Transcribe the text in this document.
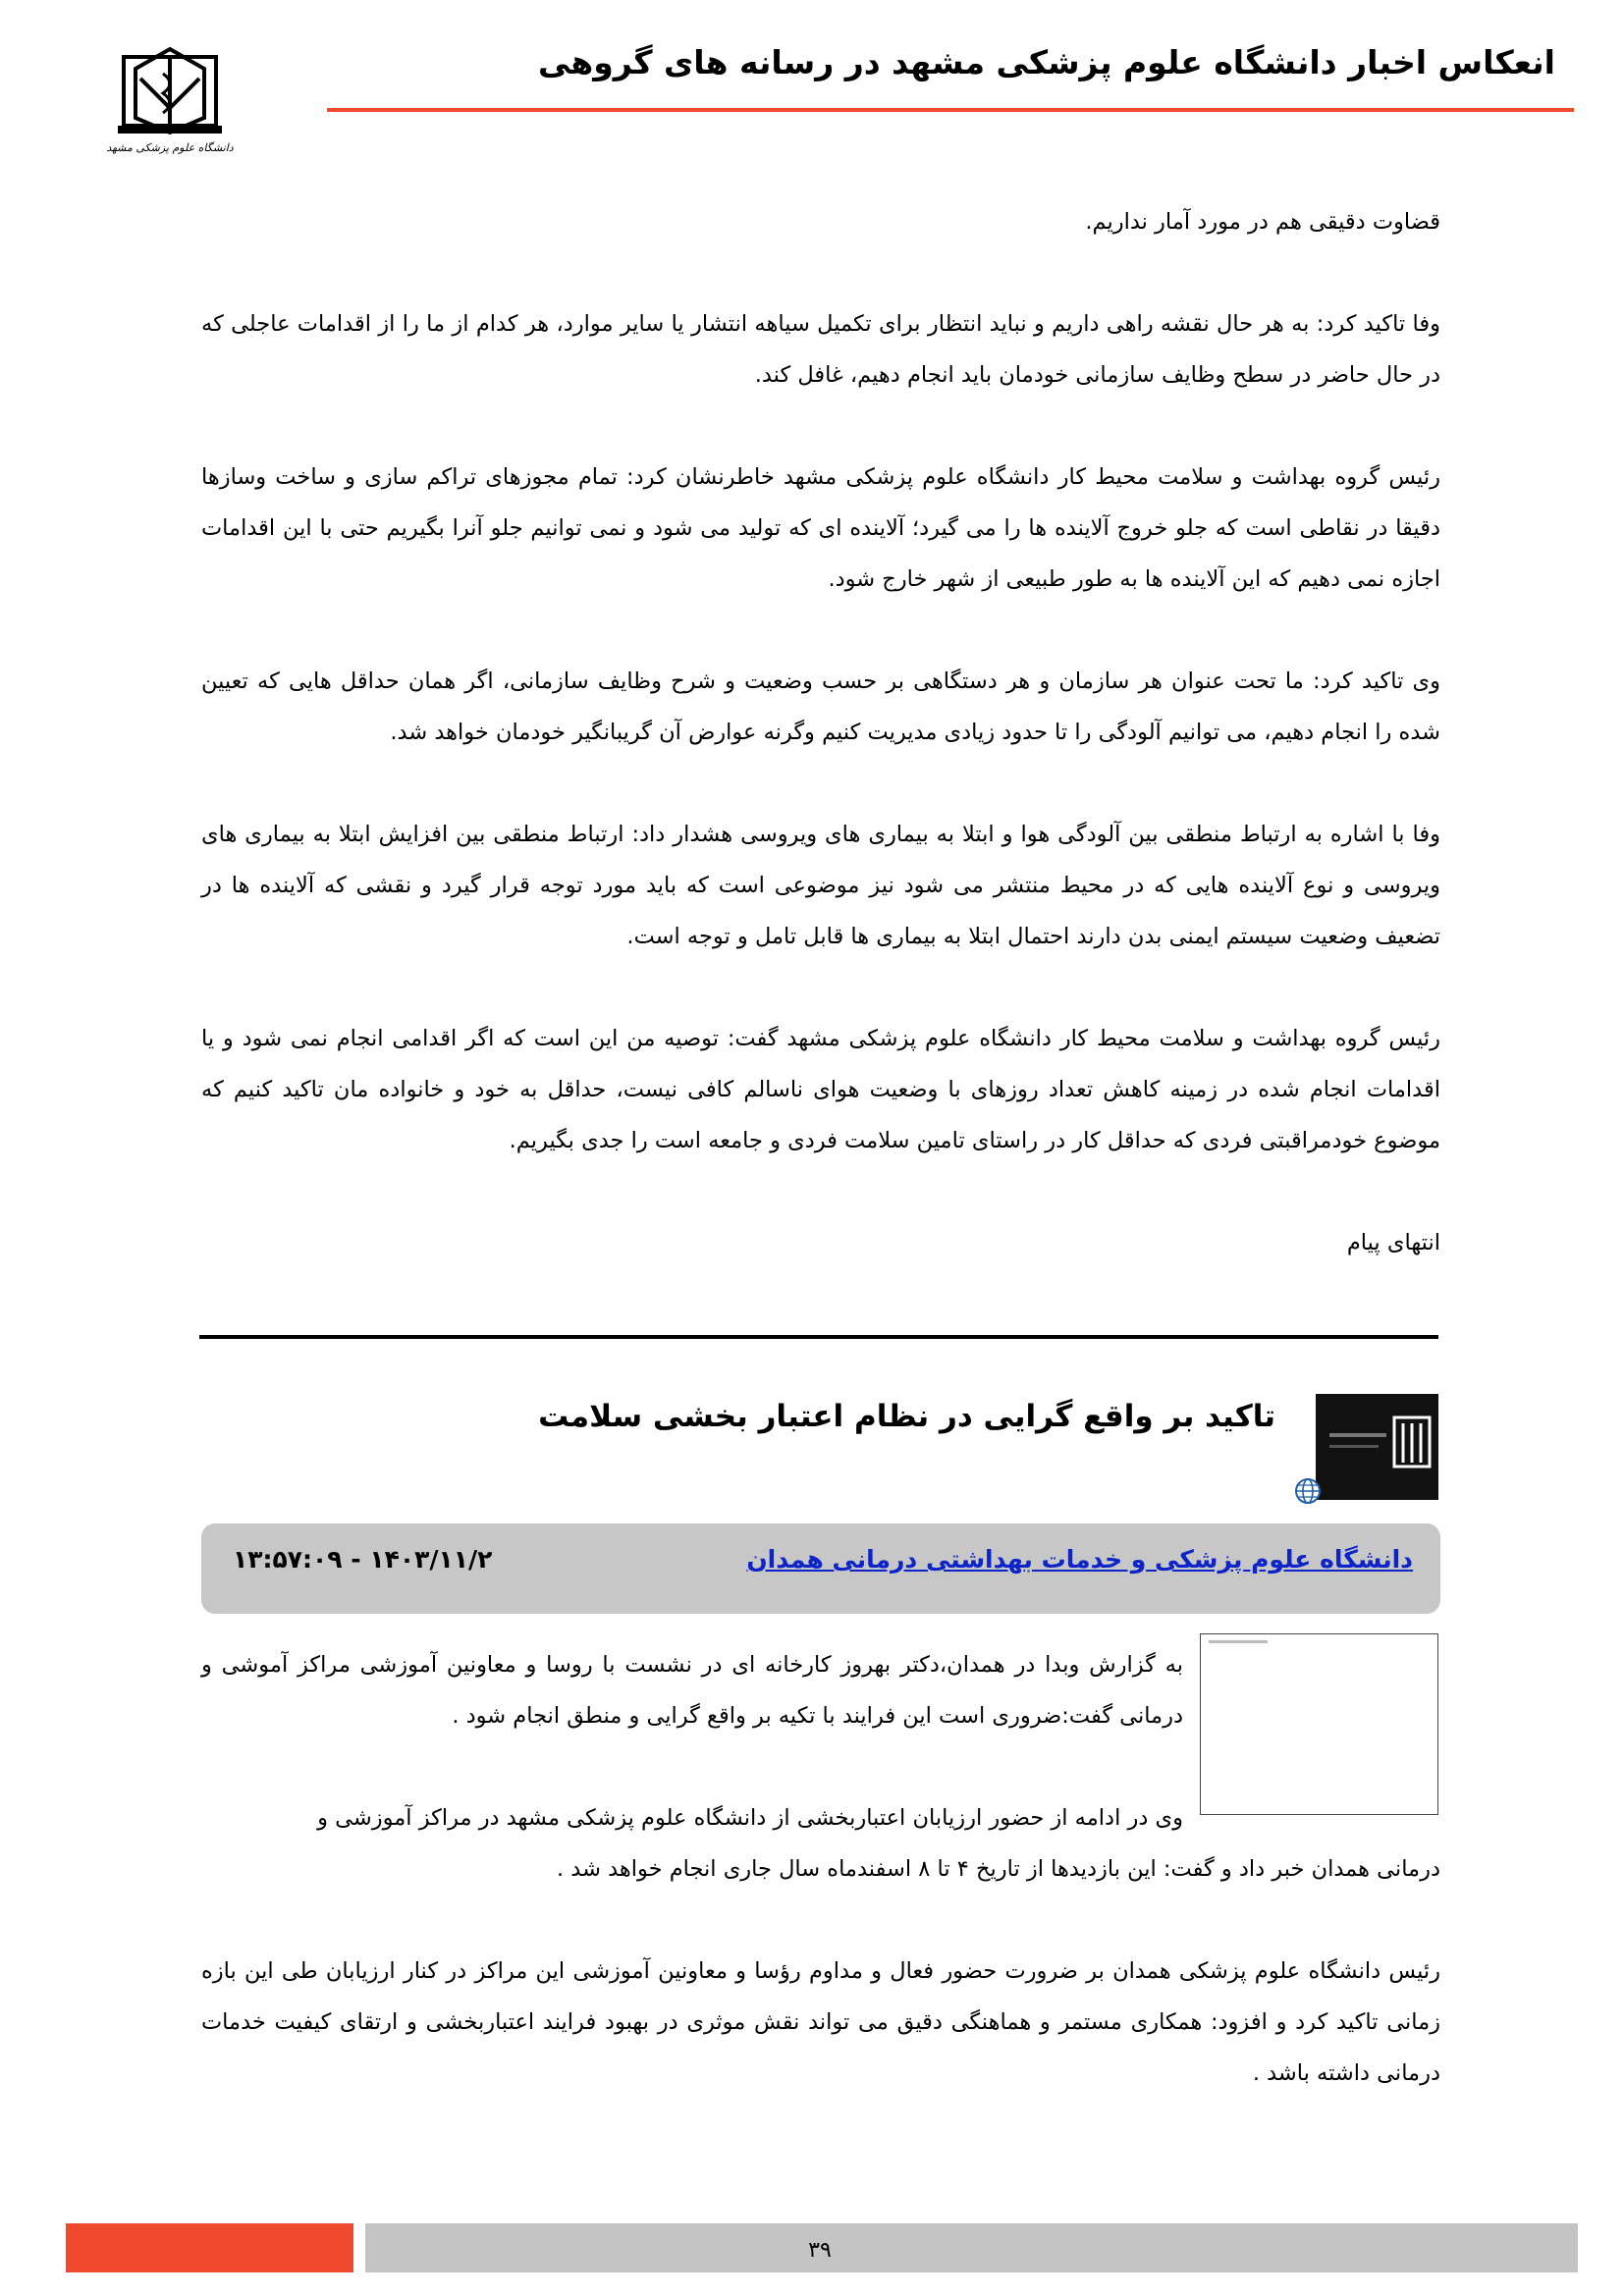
انعکاس اخبار دانشگاه علوم پزشکی مشهد در رسانه های گروهی
دانشگاه علوم پزشکی مشهد

قضاوت دقیقی هم در مورد آمار نداریم.

وفا تاکید کرد: به هر حال نقشه راهی داریم و نباید انتظار برای تکمیل سیاهه انتشار یا سایر موارد، هر کدام از ما را از اقدامات عاجلی که در حال حاضر در سطح وظایف سازمانی خودمان باید انجام دهیم، غافل کند.

رئیس گروه بهداشت و سلامت محیط کار دانشگاه علوم پزشکی مشهد خاطرنشان کرد: تمام مجوزهای تراکم سازی و ساخت وسازها دقیقا در نقاطی است که جلو خروج آلاینده ها را می گیرد؛ آلاینده ای که تولید می شود و نمی توانیم جلو آنرا بگیریم حتی با این اقدامات اجازه نمی دهیم که این آلاینده ها به طور طبیعی از شهر خارج شود.

وی تاکید کرد: ما تحت عنوان هر سازمان و هر دستگاهی بر حسب وضعیت و شرح وظایف سازمانی، اگر همان حداقل هایی که تعیین شده را انجام دهیم، می توانیم آلودگی را تا حدود زیادی مدیریت کنیم وگرنه عوارض آن گریبانگیر خودمان خواهد شد.

وفا با اشاره به ارتباط منطقی بین آلودگی هوا و ابتلا به بیماری های ویروسی هشدار داد: ارتباط منطقی بین افزایش ابتلا به بیماری های ویروسی و نوع آلاینده هایی که در محیط منتشر می شود نیز موضوعی است که باید مورد توجه قرار گیرد و نقشی که آلاینده ها در تضعیف وضعیت سیستم ایمنی بدن دارند احتمال ابتلا به بیماری ها قابل تامل و توجه است.

رئیس گروه بهداشت و سلامت محیط کار دانشگاه علوم پزشکی مشهد گفت: توصیه من این است که اگر اقدامی انجام نمی شود و یا اقدامات انجام شده در زمینه کاهش تعداد روزهای با وضعیت هوای ناسالم کافی نیست، حداقل به خود و خانواده مان تاکید کنیم که موضوع خودمراقبتی فردی که حداقل کار در راستای تامین سلامت فردی و جامعه است را جدی بگیریم.

انتهای پیام

تاکید بر واقع گرایی در نظام اعتبار بخشی سلامت
دانشگاه علوم پزشکی و خدمات بهداشتی درمانی همدان
۱۴۰۳/۱۱/۲ - ۱۳:۵۷:۰۹

به گزارش وبدا در همدان،دکتر بهروز کارخانه ای در نشست با روسا و معاونین آموزشی مراکز آموشی و درمانی گفت:ضروری است این فرایند با تکیه بر واقع گرایی و منطق انجام شود .

وی در ادامه از حضور ارزیابان اعتباربخشی از دانشگاه علوم پزشکی مشهد در مراکز آموزشی و

درمانی همدان خبر داد و گفت: این بازدیدها از تاریخ ۴ تا ۸ اسفندماه سال جاری انجام خواهد شد .

رئیس دانشگاه علوم پزشکی همدان بر ضرورت حضور فعال و مداوم رؤسا و معاونین آموزشی این مراکز در کنار ارزیابان طی این بازه زمانی تاکید کرد و افزود: همکاری مستمر و هماهنگی دقیق می تواند نقش موثری در بهبود فرایند اعتباربخشی و ارتقای کیفیت خدمات درمانی داشته باشد .

۳۹
